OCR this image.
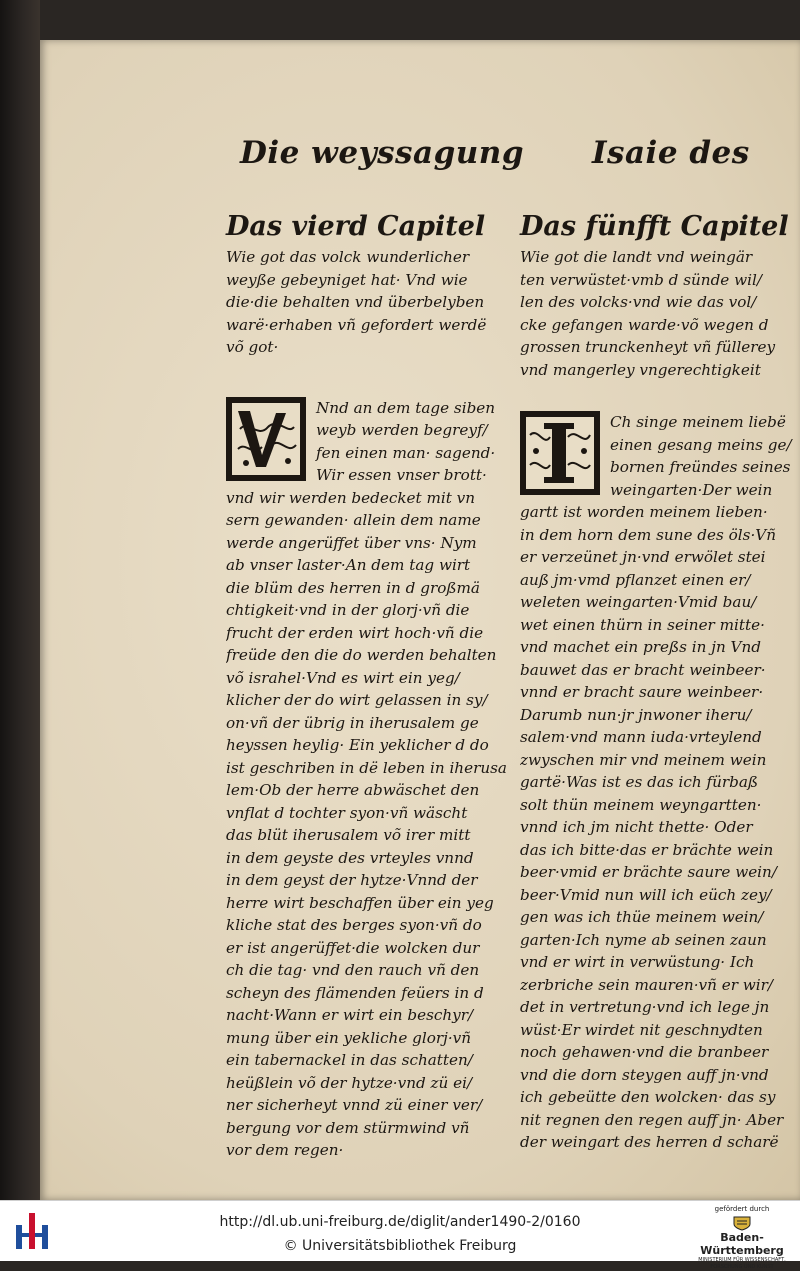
Die weyssagung Isaie des
Das vierd Capitel
Wie got das volck wunderlicher
weyße gebeyniget hat· Vnd wie
die·die behalten vnd überbelyben
warë·erhaben vñ gefordert werdë
võ got·
Nnd an dem tage siben
weyb werden begreyf/
fen einen man· sagend·
Wir essen vnser brott·
vnd wir werden bedecket mit vn
sern gewanden· allein dem name
werde angerüffet über vns· Nym
ab vnser laster·An dem tag wirt
die blüm des herren in d großmä
chtigkeit·vnd in der glorj·vñ die
frucht der erden wirt hoch·vñ die
freüde den die do werden behalten
võ israhel·Vnd es wirt ein yeg/
klicher der do wirt gelassen in sy/
on·vñ der übrig in iherusalem ge
heyssen heylig· Ein yeklicher d do
ist geschriben in dë leben in iherusa
lem·Ob der herre abwäschet den
vnflat d tochter syon·vñ wäscht
das blüt iherusalem võ irer mitt
in dem geyste des vrteyles vnnd
in dem geyst der hytze·Vnnd der
herre wirt beschaffen über ein yeg
kliche stat des berges syon·vñ do
er ist angerüffet·die wolcken dur
ch die tag· vnd den rauch vñ den
scheyn des flämenden feüers in d
nacht·Wann er wirt ein beschyr/
mung über ein yekliche glorj·vñ
ein tabernackel in das schatten/
heüßlein võ der hytze·vnd zü ei/
ner sicherheyt vnnd zü einer ver/
bergung vor dem stürmwind vñ
vor dem regen·
Das fünfft Capitel
Wie got die landt vnd weingär
ten verwüstet·vmb d sünde wil/
len des volcks·vnd wie das vol/
cke gefangen warde·võ wegen d
grossen trunckenheyt vñ füllerey
vnd mangerley vngerechtigkeit
Ch singe meinem liebë
einen gesang meins ge/
bornen freündes seines
weingarten·Der wein
gartt ist worden meinem lieben·
in dem horn dem sune des öls·Vñ
er verzeünet jn·vnd erwölet stei
auß jm·vmd pflanzet einen er/
weleten weingarten·Vmid bau/
wet einen thürn in seiner mitte·
vnd machet ein preßs in jn Vnd
bauwet das er bracht weinbeer·
vnnd er bracht saure weinbeer·
Darumb nun·jr jnwoner iheru/
salem·vnd mann iuda·vrteylend
zwyschen mir vnd meinem wein
gartë·Was ist es das ich fürbaß
solt thün meinem weyngartten·
vnnd ich jm nicht thette· Oder
das ich bitte·das er brächte wein
beer·vmid er brächte saure wein/
beer·Vmid nun will ich eüch zey/
gen was ich thüe meinem wein/
garten·Ich nyme ab seinen zaun
vnd er wirt in verwüstung· Ich
zerbriche sein mauren·vñ er wir/
det in vertretung·vnd ich lege jn
wüst·Er wirdet nit geschnydten
noch gehawen·vnd die branbeer
vnd die dorn steygen auff jn·vnd
ich gebeütte den wolcken· das sy
nit regnen den regen auff jn· Aber
der weingart des herren d scharë
http://dl.ub.uni-freiburg.de/diglit/ander1490-2/0160
© Universitätsbibliothek Freiburg
gefördert durch
Baden-Württemberg
MINISTERIUM FÜR WISSENSCHAFT, FORSCHUNG UND KUNST
